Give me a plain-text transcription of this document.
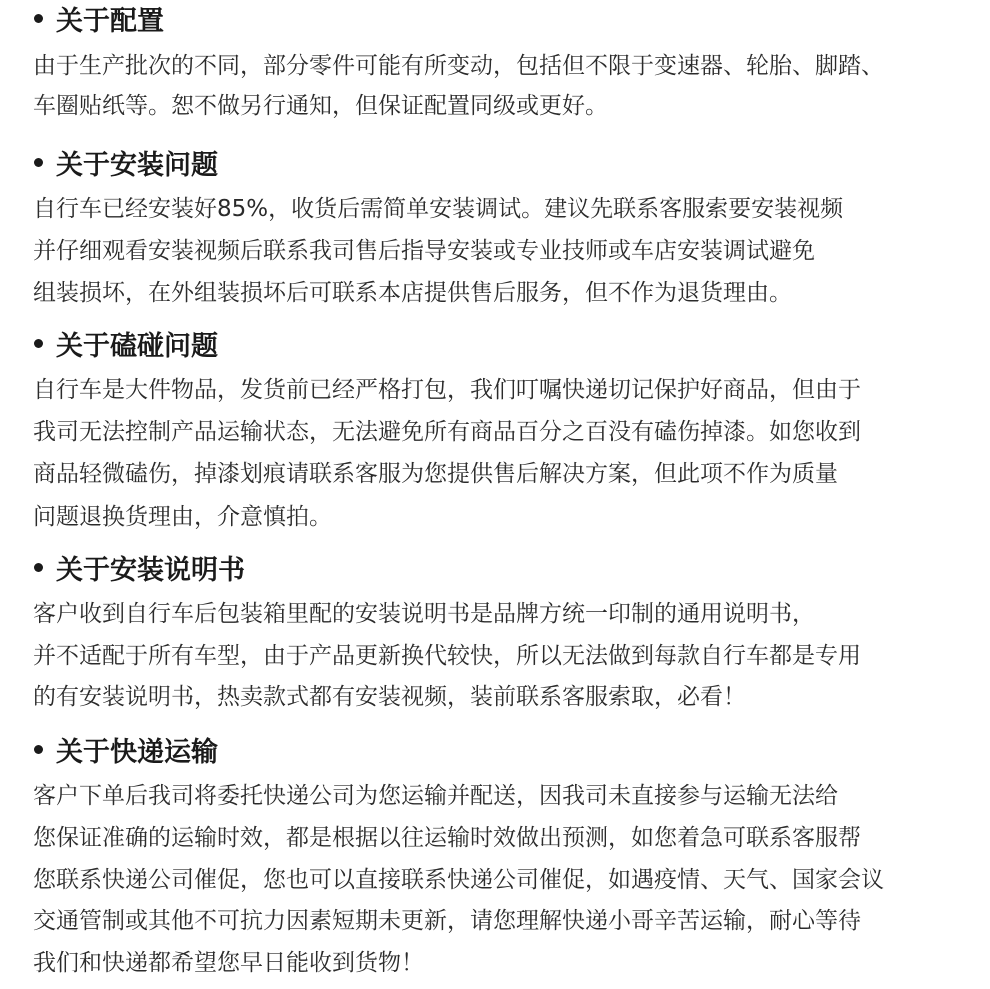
关于配置
由于生产批次的不同，部分零件可能有所变动，包括但不限于变速器、轮胎、脚踏、
车圈贴纸等。恕不做另行通知，但保证配置同级或更好。
关于安装问题
自行车已经安装好85%，收货后需简单安装调试。建议先联系客服索要安装视频
并仔细观看安装视频后联系我司售后指导安装或专业技师或车店安装调试避免
组装损坏，在外组装损坏后可联系本店提供售后服务，但不作为退货理由。
关于磕碰问题
自行车是大件物品，发货前已经严格打包，我们叮嘱快递切记保护好商品，但由于
我司无法控制产品运输状态，无法避免所有商品百分之百没有磕伤掉漆。如您收到
商品轻微磕伤，掉漆划痕请联系客服为您提供售后解决方案，但此项不作为质量
问题退换货理由，介意慎拍。
关于安装说明书
客户收到自行车后包装箱里配的安装说明书是品牌方统一印制的通用说明书，
并不适配于所有车型，由于产品更新换代较快，所以无法做到每款自行车都是专用
的有安装说明书，热卖款式都有安装视频，装前联系客服索取，必看！
关于快递运输
客户下单后我司将委托快递公司为您运输并配送，因我司未直接参与运输无法给
您保证准确的运输时效，都是根据以往运输时效做出预测，如您着急可联系客服帮
您联系快递公司催促，您也可以直接联系快递公司催促，如遇疫情、天气、国家会议
交通管制或其他不可抗力因素短期未更新，请您理解快递小哥辛苦运输，耐心等待
我们和快递都希望您早日能收到货物！
